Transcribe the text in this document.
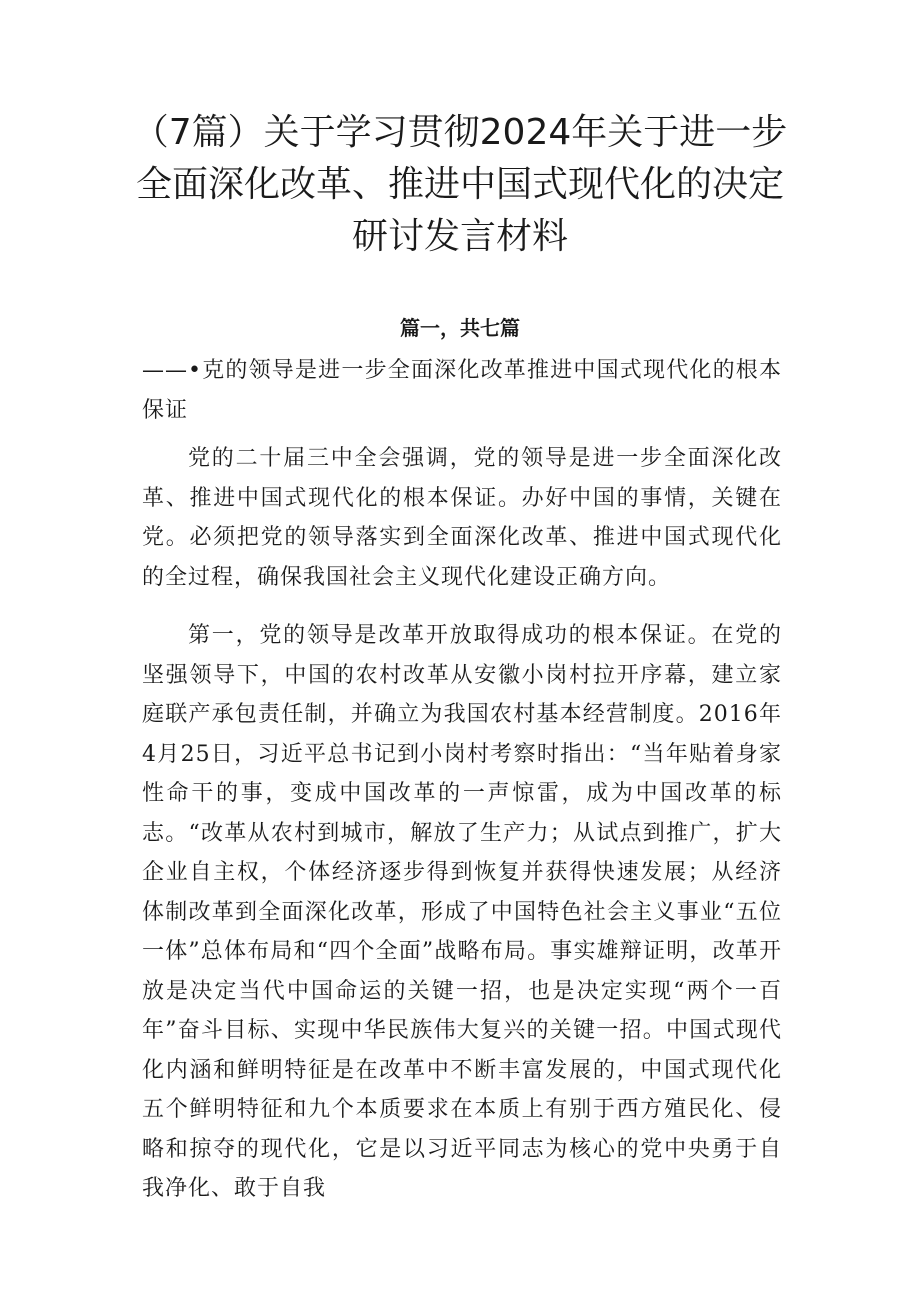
（7篇）关于学习贯彻2024年关于进一步
全面深化改革、推进中国式现代化的决定
研讨发言材料
篇一，共七篇

——•克的领导是进一步全面深化改革推进中国式现代化的根本保证

党的二十届三中全会强调，党的领导是进一步全面深化改革、推进中国式现代化的根本保证。办好中国的事情，关键在党。必须把党的领导落实到全面深化改革、推进中国式现代化的全过程，确保我国社会主义现代化建设正确方向。

第一，党的领导是改革开放取得成功的根本保证。在党的坚强领导下，中国的农村改革从安徽小岗村拉开序幕，建立家庭联产承包责任制，并确立为我国农村基本经营制度。2016年4月25日，习近平总书记到小岗村考察时指出：“当年贴着身家性命干的事，变成中国改革的一声惊雷，成为中国改革的标志。“改革从农村到城市，解放了生产力；从试点到推广，扩大企业自主权，个体经济逐步得到恢复并获得快速发展；从经济体制改革到全面深化改革，形成了中国特色社会主义事业“五位一体”总体布局和“四个全面”战略布局。事实雄辩证明，改革开放是决定当代中国命运的关键一招，也是决定实现“两个一百年”奋斗目标、实现中华民族伟大复兴的关键一招。中国式现代化内涵和鲜明特征是在改革中不断丰富发展的，中国式现代化五个鲜明特征和九个本质要求在本质上有别于西方殖民化、侵略和掠夺的现代化，它是以习近平同志为核心的党中央勇于自我净化、敢于自我
